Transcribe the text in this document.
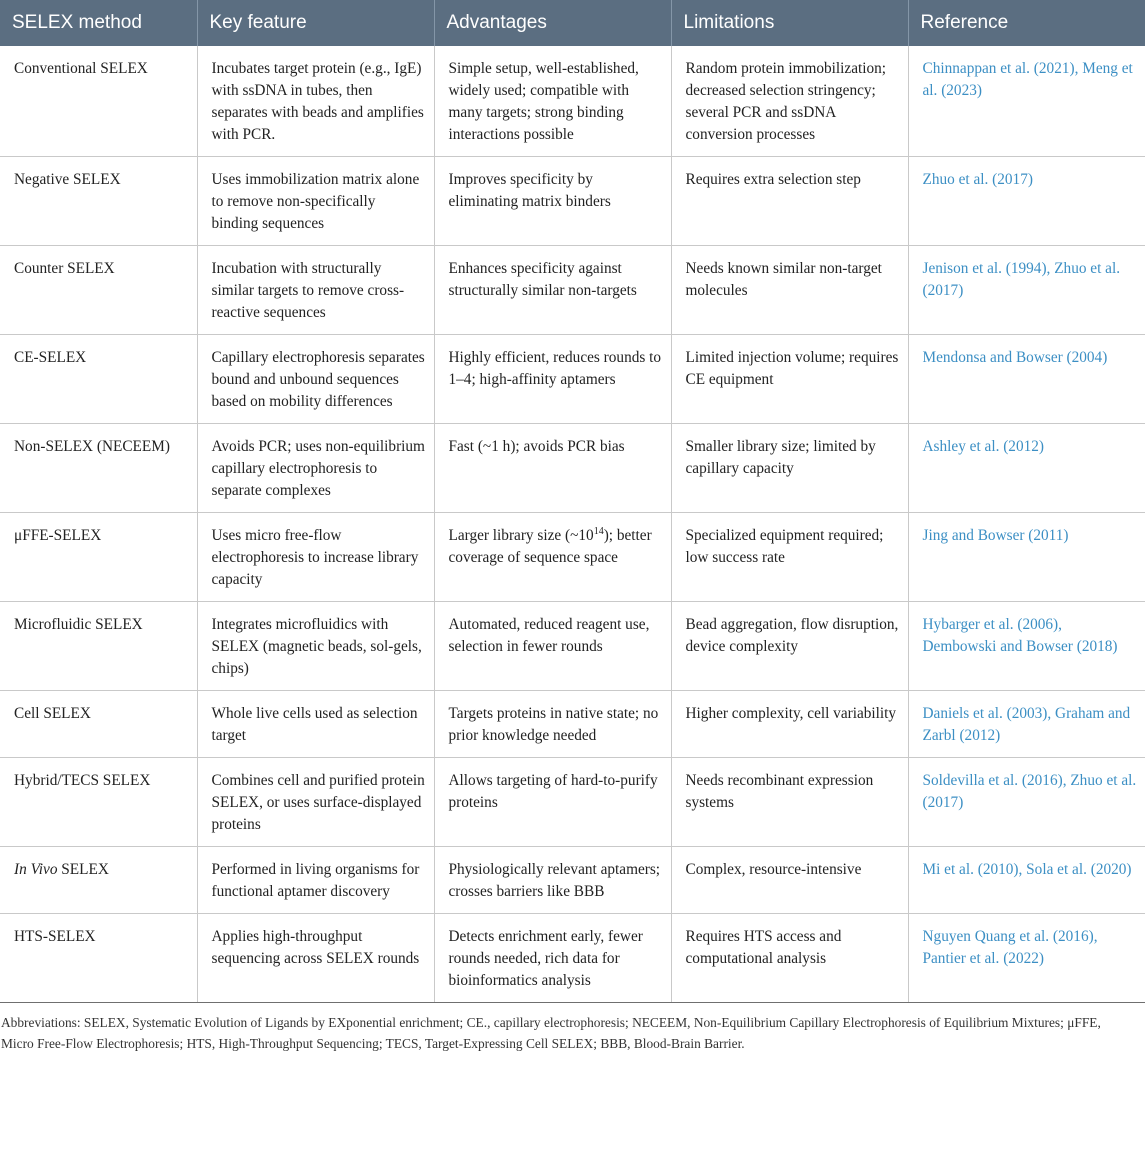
SELEX method	Key feature	Advantages	Limitations	Reference
Conventional SELEX	Incubates target protein (e.g., IgE) with ssDNA in tubes, then separates with beads and amplifies with PCR.	Simple setup, well-established, widely used; compatible with many targets; strong binding interactions possible	Random protein immobilization; decreased selection stringency; several PCR and ssDNA conversion processes	Chinnappan et al. (2021), Meng et al. (2023)
Negative SELEX	Uses immobilization matrix alone to remove non-specifically binding sequences	Improves specificity by eliminating matrix binders	Requires extra selection step	Zhuo et al. (2017)
Counter SELEX	Incubation with structurally similar targets to remove cross-reactive sequences	Enhances specificity against structurally similar non-targets	Needs known similar non-target molecules	Jenison et al. (1994), Zhuo et al. (2017)
CE-SELEX	Capillary electrophoresis separates bound and unbound sequences based on mobility differences	Highly efficient, reduces rounds to 1–4; high-affinity aptamers	Limited injection volume; requires CE equipment	Mendonsa and Bowser (2004)
Non-SELEX (NECEEM)	Avoids PCR; uses non-equilibrium capillary electrophoresis to separate complexes	Fast (~1 h); avoids PCR bias	Smaller library size; limited by capillary capacity	Ashley et al. (2012)
μFFE-SELEX	Uses micro free-flow electrophoresis to increase library capacity	Larger library size $(\sim 10^{14})$; better coverage of sequence space	Specialized equipment required; low success rate	Jing and Bowser (2011)
Microfluidic SELEX	Integrates microfluidics with SELEX (magnetic beads, sol-gels, chips)	Automated, reduced reagent use, selection in fewer rounds	Bead aggregation, flow disruption, device complexity	Hybarger et al. (2006), Dembowski and Bowser (2018)
Cell SELEX	Whole live cells used as selection target	Targets proteins in native state; no prior knowledge needed	Higher complexity, cell variability	Daniels et al. (2003), Graham and Zarbl (2012)
Hybrid/TECS SELEX	Combines cell and purified protein SELEX, or uses surface-displayed proteins	Allows targeting of hard-to-purify proteins	Needs recombinant expression systems	Soldevilla et al. (2016), Zhuo et al. (2017)
In Vivo SELEX	Performed in living organisms for functional aptamer discovery	Physiologically relevant aptamers; crosses barriers like BBB	Complex, resource-intensive	Mi et al. (2010), Sola et al. (2020)
HTS-SELEX	Applies high-throughput sequencing across SELEX rounds	Detects enrichment early, fewer rounds needed, rich data for bioinformatics analysis	Requires HTS access and computational analysis	Nguyen Quang et al. (2016), Pantier et al. (2022)

Abbreviations: SELEX, Systematic Evolution of Ligands by EXponential enrichment; CE., capillary electrophoresis; NECEEM, Non-Equilibrium Capillary Electrophoresis of Equilibrium Mixtures; μFFE, Micro Free-Flow Electrophoresis; HTS, High-Throughput Sequencing; TECS, Target-Expressing Cell SELEX; BBB, Blood-Brain Barrier.
